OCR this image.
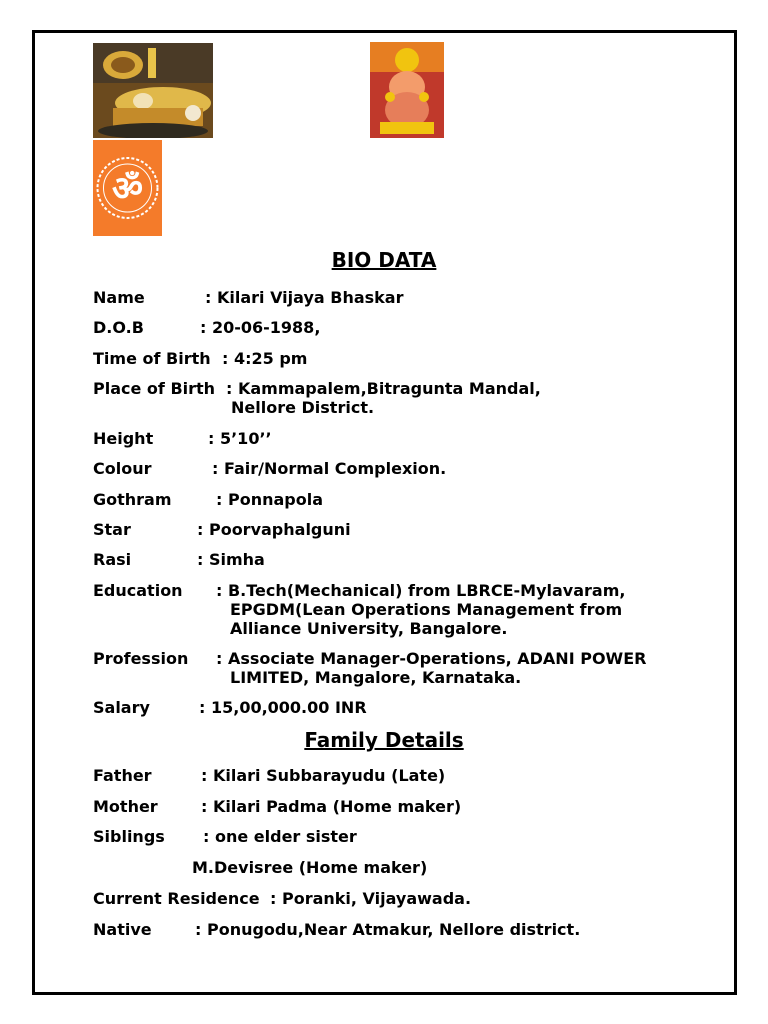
ॐ
BIO DATA
Name	: Kilari Vijaya Bhaskar
D.O.B	: 20-06-1988,
Time of Birth : 4:25 pm
Place of Birth : Kammapalem,Bitragunta Mandal,
Nellore District.
Height	: 5’10’’
Colour	: Fair/Normal Complexion.
Gothram	: Ponnapola
Star	: Poorvaphalguni
Rasi	: Simha
Education : B.Tech(Mechanical) from LBRCE-Mylavaram,
EPGDM(Lean Operations Management from
Alliance University, Bangalore.
Profession : Associate Manager-Operations, ADANI POWER
LIMITED, Mangalore, Karnataka.
Salary	: 15,00,000.00 INR
Family Details
Father	: Kilari Subbarayudu (Late)
Mother	: Kilari Padma (Home maker)
Siblings : one elder sister
M.Devisree (Home maker)
Current Residence : Poranki, Vijayawada.
Native	: Ponugodu,Near Atmakur, Nellore district.
